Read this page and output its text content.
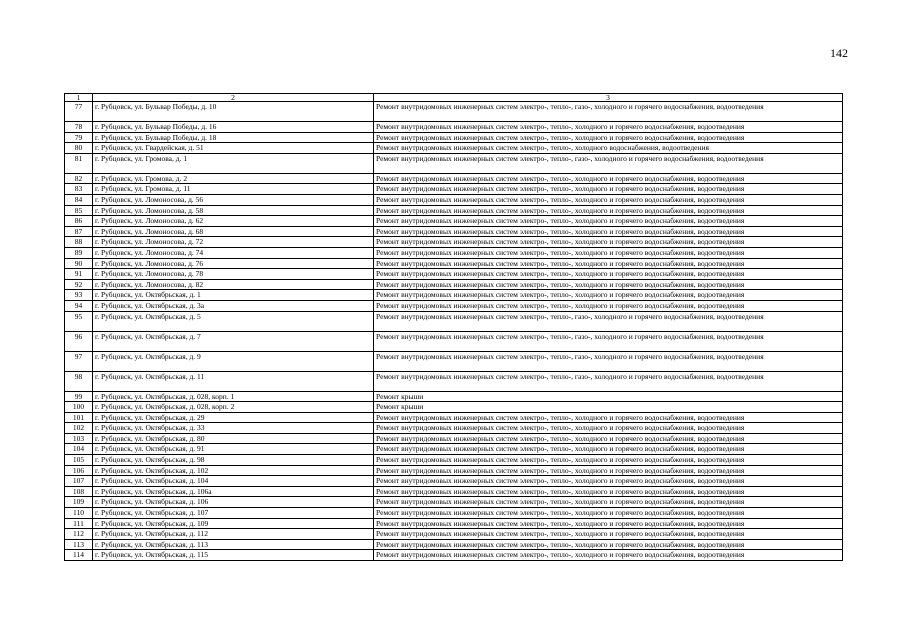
142
1	2	3
77	г. Рубцовск, ул. Бульвар Победы, д. 10	Ремонт внутридомовых инженерных систем электро-, тепло-, газо-, холодного и горячего водоснабжения, водоотведения
78	г. Рубцовск, ул. Бульвар Победы, д. 16	Ремонт внутридомовых инженерных систем электро-, тепло-, холодного и горячего водоснабжения, водоотведения
79	г. Рубцовск, ул. Бульвар Победы, д. 18	Ремонт внутридомовых инженерных систем электро-, тепло-, холодного и горячего водоснабжения, водоотведения
80	г. Рубцовск, ул. Гвардейская, д. 51	Ремонт внутридомовых инженерных систем электро-, тепло-, холодного водоснабжения, водоотведения
81	г. Рубцовск, ул. Громова, д. 1	Ремонт внутридомовых инженерных систем электро-, тепло-, газо-, холодного и горячего водоснабжения, водоотведения
82	г. Рубцовск, ул. Громова, д. 2	Ремонт внутридомовых инженерных систем электро-, тепло-, холодного и горячего водоснабжения, водоотведения
83	г. Рубцовск, ул. Громова, д. 11	Ремонт внутридомовых инженерных систем электро-, тепло-, холодного и горячего водоснабжения, водоотведения
84	г. Рубцовск, ул. Ломоносова, д. 56	Ремонт внутридомовых инженерных систем электро-, тепло-, холодного и горячего водоснабжения, водоотведения
85	г. Рубцовск, ул. Ломоносова, д. 58	Ремонт внутридомовых инженерных систем электро-, тепло-, холодного и горячего водоснабжения, водоотведения
86	г. Рубцовск, ул. Ломоносова, д. 62	Ремонт внутридомовых инженерных систем электро-, тепло-, холодного и горячего водоснабжения, водоотведения
87	г. Рубцовск, ул. Ломоносова, д. 68	Ремонт внутридомовых инженерных систем электро-, тепло-, холодного и горячего водоснабжения, водоотведения
88	г. Рубцовск, ул. Ломоносова, д. 72	Ремонт внутридомовых инженерных систем электро-, тепло-, холодного и горячего водоснабжения, водоотведения
89	г. Рубцовск, ул. Ломоносова, д. 74	Ремонт внутридомовых инженерных систем электро-, тепло-, холодного и горячего водоснабжения, водоотведения
90	г. Рубцовск, ул. Ломоносова, д. 76	Ремонт внутридомовых инженерных систем электро-, тепло-, холодного и горячего водоснабжения, водоотведения
91	г. Рубцовск, ул. Ломоносова, д. 78	Ремонт внутридомовых инженерных систем электро-, тепло-, холодного и горячего водоснабжения, водоотведения
92	г. Рубцовск, ул. Ломоносова, д. 82	Ремонт внутридомовых инженерных систем электро-, тепло-, холодного и горячего водоснабжения, водоотведения
93	г. Рубцовск, ул. Октябрьская, д. 1	Ремонт внутридомовых инженерных систем электро-, тепло-, холодного и горячего водоснабжения, водоотведения
94	г. Рубцовск, ул. Октябрьская, д. 3а	Ремонт внутридомовых инженерных систем электро-, тепло-, холодного и горячего водоснабжения, водоотведения
95	г. Рубцовск, ул. Октябрьская, д. 5	Ремонт внутридомовых инженерных систем электро-, тепло-, газо-, холодного и горячего водоснабжения, водоотведения
96	г. Рубцовск, ул. Октябрьская, д. 7	Ремонт внутридомовых инженерных систем электро-, тепло-, газо-, холодного и горячего водоснабжения, водоотведения
97	г. Рубцовск, ул. Октябрьская, д. 9	Ремонт внутридомовых инженерных систем электро-, тепло-, газо-, холодного и горячего водоснабжения, водоотведения
98	г. Рубцовск, ул. Октябрьская, д. 11	Ремонт внутридомовых инженерных систем электро-, тепло-, газо-, холодного и горячего водоснабжения, водоотведения
99	г. Рубцовск, ул. Октябрьская, д. 028, корп. 1	Ремонт крыши
100	г. Рубцовск, ул. Октябрьская, д. 028, корп. 2	Ремонт крыши
101	г. Рубцовск, ул. Октябрьская, д. 29	Ремонт внутридомовых инженерных систем электро-, тепло-, холодного и горячего водоснабжения, водоотведения
102	г. Рубцовск, ул. Октябрьская, д. 33	Ремонт внутридомовых инженерных систем электро-, тепло-, холодного и горячего водоснабжения, водоотведения
103	г. Рубцовск, ул. Октябрьская, д. 80	Ремонт внутридомовых инженерных систем электро-, тепло-, холодного и горячего водоснабжения, водоотведения
104	г. Рубцовск, ул. Октябрьская, д. 91	Ремонт внутридомовых инженерных систем электро-, тепло-, холодного и горячего водоснабжения, водоотведения
105	г. Рубцовск, ул. Октябрьская, д. 98	Ремонт внутридомовых инженерных систем электро-, тепло-, холодного и горячего водоснабжения, водоотведения
106	г. Рубцовск, ул. Октябрьская, д. 102	Ремонт внутридомовых инженерных систем электро-, тепло-, холодного и горячего водоснабжения, водоотведения
107	г. Рубцовск, ул. Октябрьская, д. 104	Ремонт внутридомовых инженерных систем электро-, тепло-, холодного и горячего водоснабжения, водоотведения
108	г. Рубцовск, ул. Октябрьская, д. 106а	Ремонт внутридомовых инженерных систем электро-, тепло-, холодного и горячего водоснабжения, водоотведения
109	г. Рубцовск, ул. Октябрьская, д. 106	Ремонт внутридомовых инженерных систем электро-, тепло-, холодного и горячего водоснабжения, водоотведения
110	г. Рубцовск, ул. Октябрьская, д. 107	Ремонт внутридомовых инженерных систем электро-, тепло-, холодного и горячего водоснабжения, водоотведения
111	г. Рубцовск, ул. Октябрьская, д. 109	Ремонт внутридомовых инженерных систем электро-, тепло-, холодного и горячего водоснабжения, водоотведения
112	г. Рубцовск, ул. Октябрьская, д. 112	Ремонт внутридомовых инженерных систем электро-, тепло-, холодного и горячего водоснабжения, водоотведения
113	г. Рубцовск, ул. Октябрьская, д. 113	Ремонт внутридомовых инженерных систем электро-, тепло-, холодного и горячего водоснабжения, водоотведения
114	г. Рубцовск, ул. Октябрьская, д. 115	Ремонт внутридомовых инженерных систем электро-, тепло-, холодного и горячего водоснабжения, водоотведения
